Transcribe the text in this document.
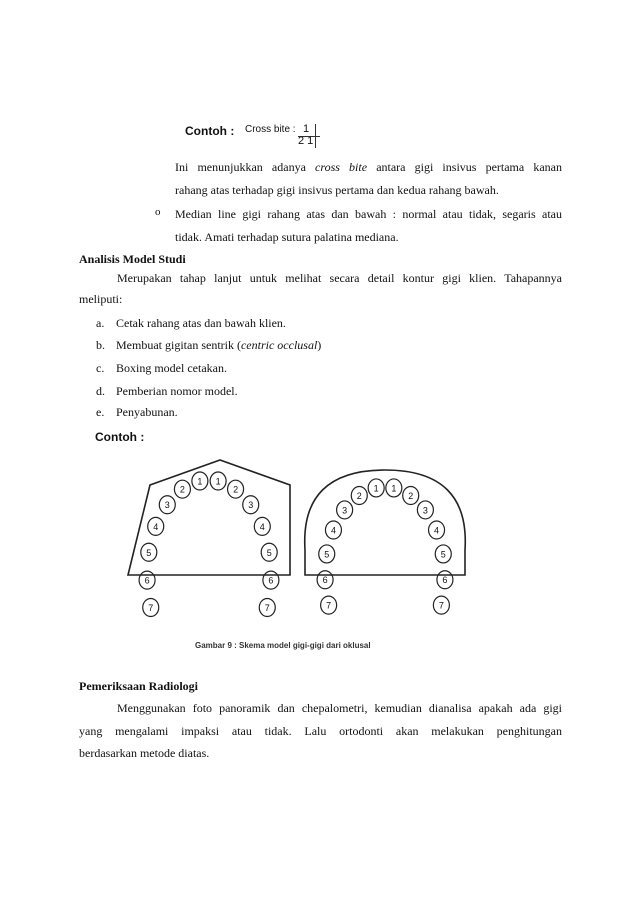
Contoh : Cross bite : 1
2 1
Ini menunjukkan adanya cross bite antara gigi insivus pertama kanan
rahang atas terhadap gigi insivus pertama dan kedua rahang bawah.
o Median line gigi rahang atas dan bawah : normal atau tidak, segaris atau
tidak. Amati terhadap sutura palatina mediana.
Analisis Model Studi
Merupakan tahap lanjut untuk melihat secara detail kontur gigi klien. Tahapannya
meliputi:
a. Cetak rahang atas dan bawah klien.
b. Membuat gigitan sentrik (centric occlusal)
c. Boxing model cetakan.
d. Pemberian nomor model.
e. Penyabunan.
Contoh :
7
6
5
4
3
2
1 1
2
3
4
5
6
7	7
6
5
4
3
2
1 1
2
3
4
5
6
7
Gambar 9 : Skema model gigi-gigi dari oklusal
Pemeriksaan Radiologi
Menggunakan foto panoramik dan chepalometri, kemudian dianalisa apakah ada gigi
yang mengalami impaksi atau tidak. Lalu ortodonti akan melakukan penghitungan
berdasarkan metode diatas.
